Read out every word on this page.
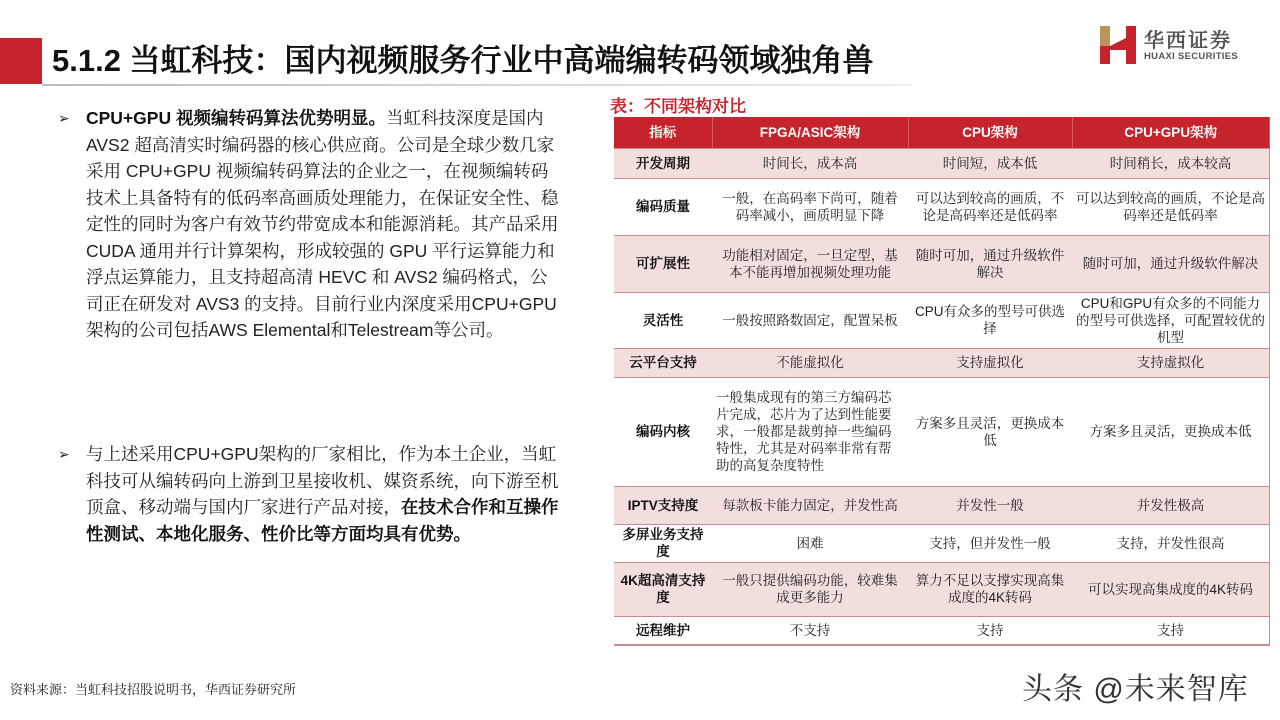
5.1.2 当虹科技：国内视频服务行业中高端编转码领域独角兽
华西证券
HUAXI SECURITIES
➢ CPU+GPU 视频编转码算法优势明显。当虹科技深度是国内
AVS2 超高清实时编码器的核心供应商。公司是全球少数几家
采用 CPU+GPU 视频编转码算法的企业之一，在视频编转码
技术上具备特有的低码率高画质处理能力，在保证安全性、稳
定性的同时为客户有效节约带宽成本和能源消耗。其产品采用
CUDA 通用并行计算架构，形成较强的 GPU 平行运算能力和
浮点运算能力，且支持超高清 HEVC 和 AVS2 编码格式，公
司正在研发对 AVS3 的支持。目前行业内深度采用CPU+GPU
架构的公司包括AWS Elemental和Telestream等公司。
➢ 与上述采用CPU+GPU架构的厂家相比，作为本土企业，当虹
科技可从编转码向上游到卫星接收机、媒资系统，向下游至机
顶盒、移动端与国内厂家进行产品对接，在技术合作和互操作
性测试、本地化服务、性价比等方面均具有优势。
表：不同架构对比
指标	FPGA/ASIC架构	CPU架构	CPU+GPU架构
开发周期	时间长，成本高	时间短，成本低	时间稍长，成本较高
编码质量	一般，在高码率下尚可，随着码率减小，画质明显下降	可以达到较高的画质，不论是高码率还是低码率	可以达到较高的画质，不论是高码率还是低码率
可扩展性	功能相对固定，一旦定型，基本不能再增加视频处理功能	随时可加，通过升级软件解决	随时可加，通过升级软件解决
灵活性	一般按照路数固定，配置呆板	CPU有众多的型号可供选择	CPU和GPU有众多的不同能力的型号可供选择，可配置较优的机型
云平台支持	不能虚拟化	支持虚拟化	支持虚拟化
编码内核	一般集成现有的第三方编码芯片完成，芯片为了达到性能要求，一般都是裁剪掉一些编码特性，尤其是对码率非常有帮助的高复杂度特性	方案多且灵活，更换成本低	方案多且灵活，更换成本低
IPTV支持度	每款板卡能力固定，并发性高	并发性一般	并发性极高
多屏业务支持度	困难	支持，但并发性一般	支持，并发性很高
4K超高清支持度	一般只提供编码功能，较难集成更多能力	算力不足以支撑实现高集成度的4K转码	可以实现高集成度的4K转码
远程维护	不支持	支持	支持
资料来源：当虹科技招股说明书，华西证券研究所	头条 @未来智库
